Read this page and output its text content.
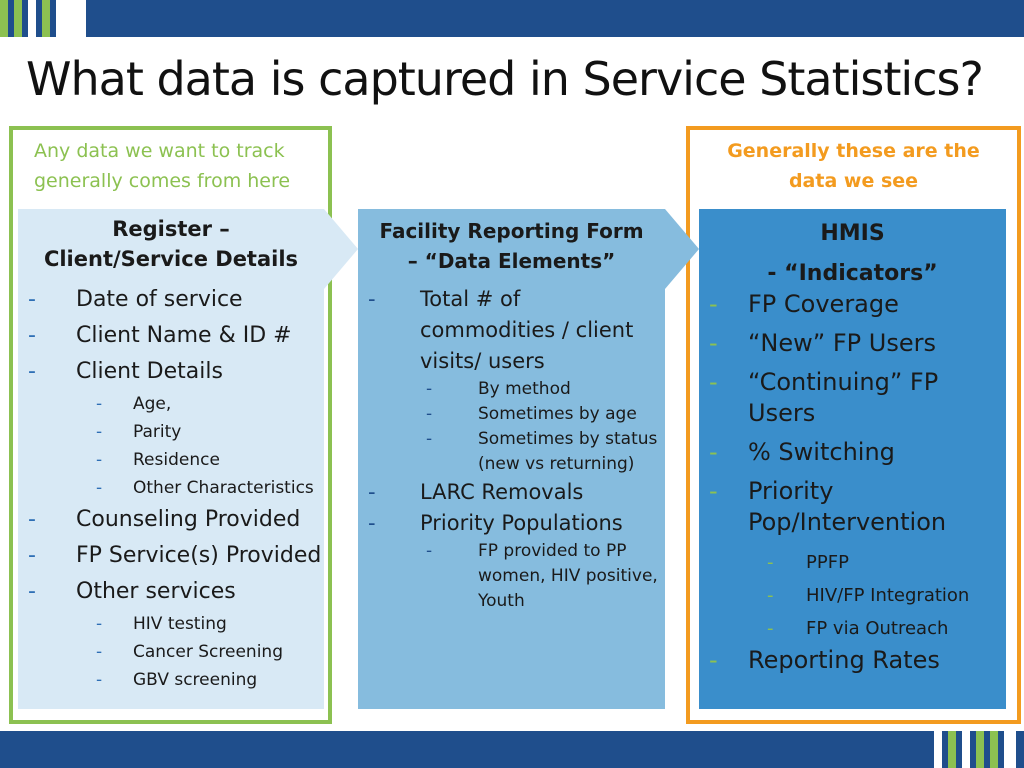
What data is captured in Service Statistics?
Any data we want to track generally comes from here
Generally these are the data we see
Register –
Client/Service Details
Facility Reporting Form
– “Data Elements”
HMIS
- “Indicators”
- Date of service
- Client Name & ID #
- Client Details
- Age,
- Parity
- Residence
- Other Characteristics
- Counseling Provided
- FP Service(s) Provided
- Other services
- HIV testing
- Cancer Screening
- GBV screening
- Total # of commodities / client visits/ users
-	By method
-	Sometimes by age
-	Sometimes by status (new vs returning)
- LARC Removals
- Priority Populations
-	FP provided to PP women, HIV positive, Youth
- FP Coverage
- “New” FP Users
- “Continuing” FP Users
- % Switching
- Priority Pop/Intervention
- PPFP
- HIV/FP Integration
- FP via Outreach
- Reporting Rates
